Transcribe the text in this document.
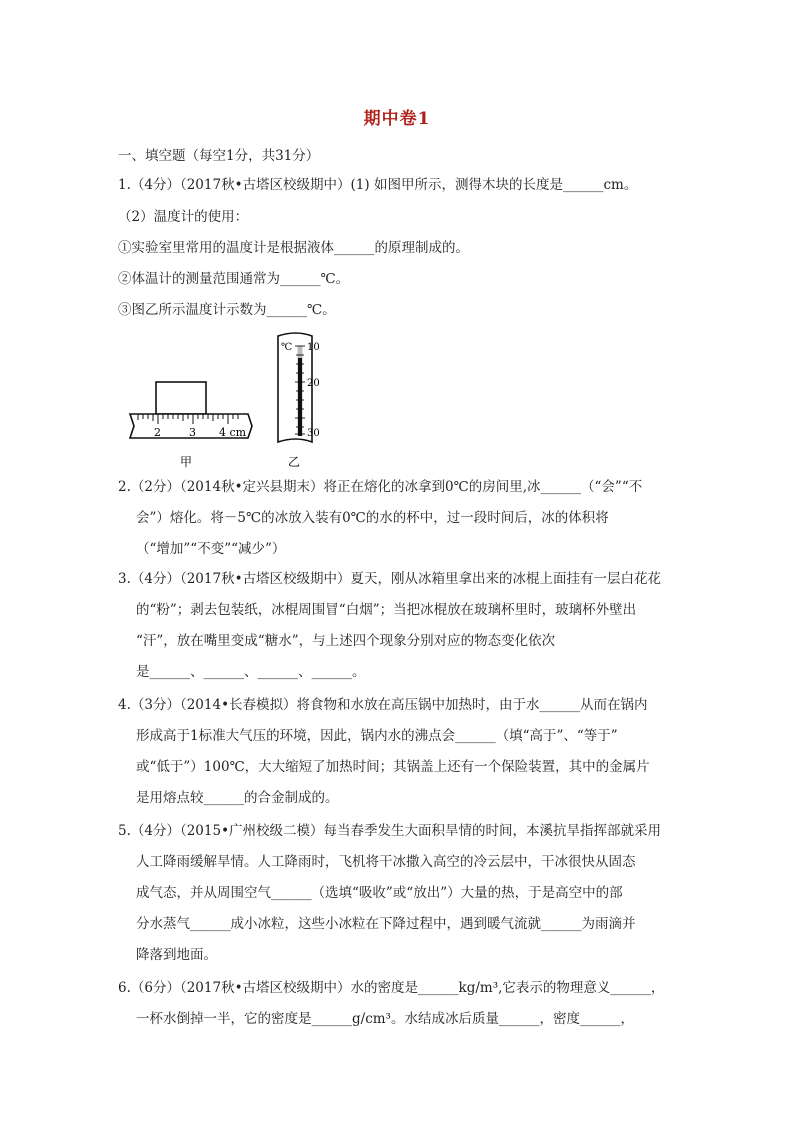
期中卷1
一、填空题（每空1分，共31分）
1.（4分）（2017秋•古塔区校级期中）(1) 如图甲所示，测得木块的长度是______cm。
（2）温度计的使用：
①实验室里常用的温度计是根据液体______的原理制成的。
②体温计的测量范围通常为______℃。
③图乙所示温度计示数为______℃。
2	3 4 cm
甲
℃ 10
20
30
乙
2.（2分）（2014秋•定兴县期末）将正在熔化的冰拿到0℃的房间里,冰______（“会”“不
会”）熔化。将－5℃的冰放入装有0℃的水的杯中，过一段时间后，冰的体积将
（“增加”“不变”“减少”）
3.（4分）（2017秋•古塔区校级期中）夏天，刚从冰箱里拿出来的冰棍上面挂有一层白花花
的“粉”；剥去包装纸，冰棍周围冒“白烟”；当把冰棍放在玻璃杯里时，玻璃杯外壁出
“汗”，放在嘴里变成“糖水”，与上述四个现象分别对应的物态变化依次
是______、______、______、______。
4.（3分）（2014•长春模拟）将食物和水放在高压锅中加热时，由于水______从而在锅内
形成高于1标准大气压的环境，因此，锅内水的沸点会______（填“高于”、“等于”
或“低于”）100℃，大大缩短了加热时间；其锅盖上还有一个保险装置，其中的金属片
是用熔点较______的合金制成的。
5.（4分）（2015•广州校级二模）每当春季发生大面积旱情的时间，本溪抗旱指挥部就采用
人工降雨缓解旱情。人工降雨时，飞机将干冰撒入高空的冷云层中，干冰很快从固态
成气态，并从周围空气______（选填“吸收”或“放出”）大量的热，于是高空中的部
分水蒸气______成小冰粒，这些小冰粒在下降过程中，遇到暖气流就______为雨滴并
降落到地面。
6.（6分）（2017秋•古塔区校级期中）水的密度是______kg/m³,它表示的物理意义______，
一杯水倒掉一半，它的密度是______g/cm³。水结成冰后质量______，密度______，
